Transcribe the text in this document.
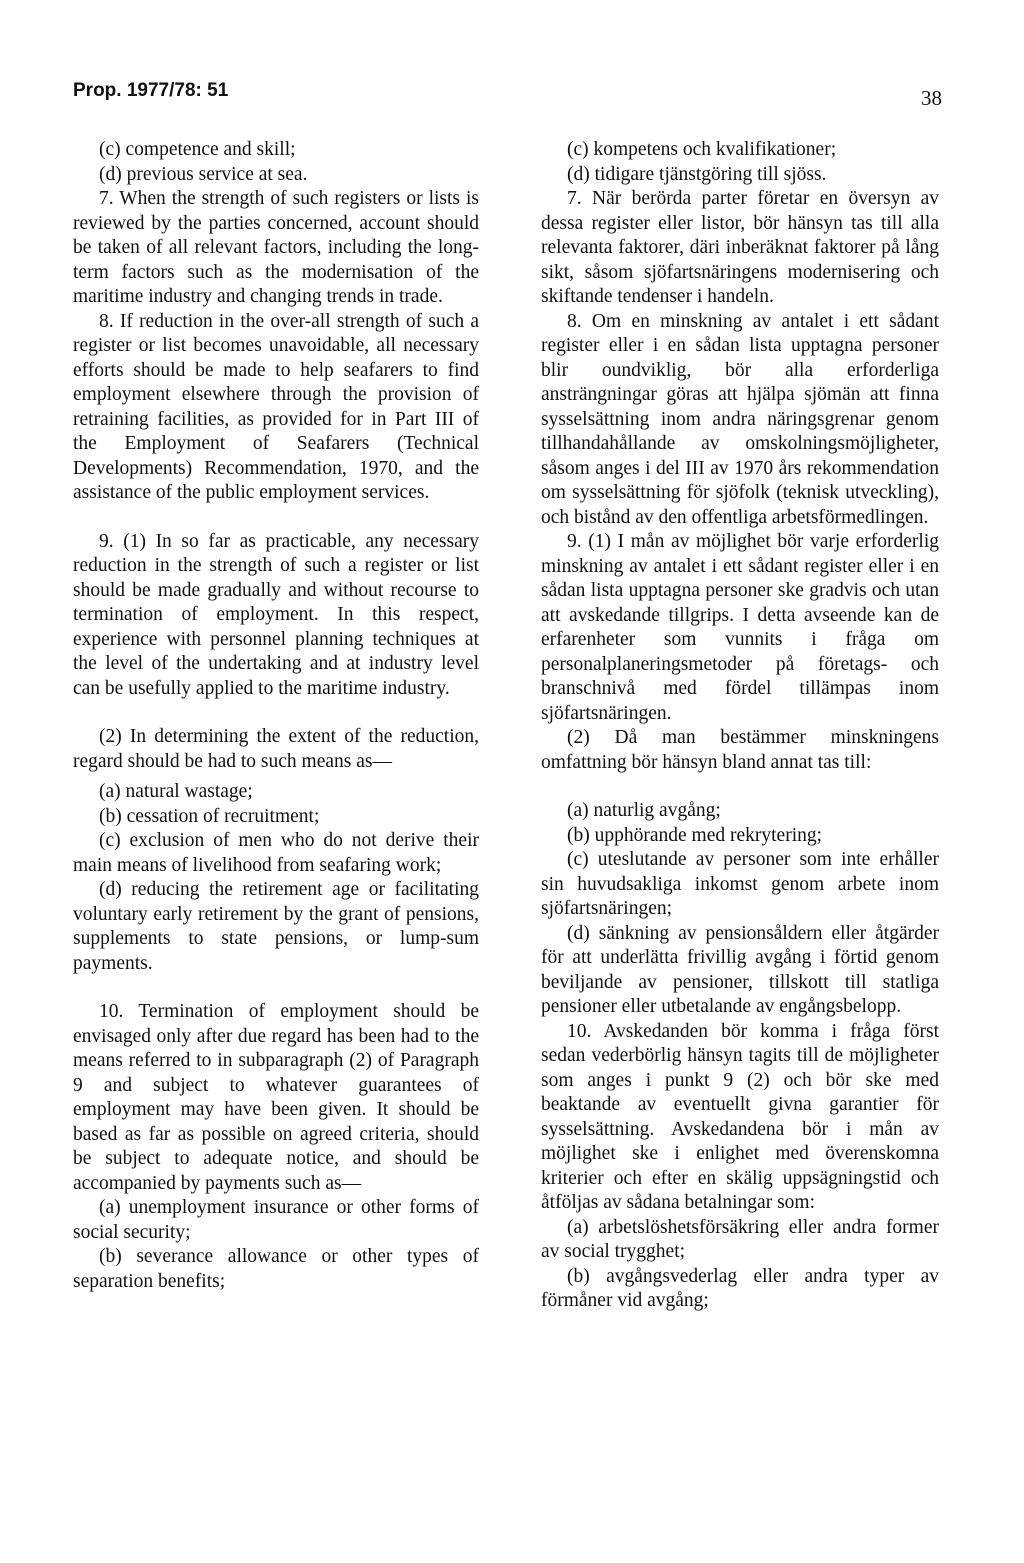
Prop. 1977/78: 51	38

(c) competence and skill;

(d) previous service at sea.

7. When the strength of such registers or lists is reviewed by the parties concerned, account should be taken of all relevant factors, including the long-term factors such as the modernisation of the maritime industry and changing trends in trade.

8. If reduction in the over-all strength of such a register or list becomes unavoidable, all necessary efforts should be made to help seafarers to find employment elsewhere through the provision of retraining facilities, as provided for in Part III of the Employment of Seafarers (Technical Developments) Recommendation, 1970, and the assistance of the public employment services.

9. (1) In so far as practicable, any necessary reduction in the strength of such a register or list should be made gradually and without recourse to termination of employment. In this respect, experience with personnel planning techniques at the level of the undertaking and at industry level can be usefully applied to the maritime industry.

(2) In determining the extent of the reduction, regard should be had to such means as—

(a) natural wastage;

(b) cessation of recruitment;

(c) exclusion of men who do not derive their main means of livelihood from seafaring work;

(d) reducing the retirement age or facilitating voluntary early retirement by the grant of pensions, supplements to state pensions, or lump-sum payments.

10. Termination of employment should be envisaged only after due regard has been had to the means referred to in subparagraph (2) of Paragraph 9 and subject to whatever guarantees of employment may have been given. It should be based as far as possible on agreed criteria, should be subject to adequate notice, and should be accompanied by payments such as—

(a) unemployment insurance or other forms of social security;

(b) severance allowance or other types of separation benefits;

(c) kompetens och kvalifikationer;

(d) tidigare tjänstgöring till sjöss.

7. När berörda parter företar en översyn av dessa register eller listor, bör hänsyn tas till alla relevanta faktorer, däri inberäknat faktorer på lång sikt, såsom sjöfartsnäringens modernisering och skiftande tendenser i handeln.

8. Om en minskning av antalet i ett sådant register eller i en sådan lista upptagna personer blir oundviklig, bör alla erforderliga ansträngningar göras att hjälpa sjömän att finna sysselsättning inom andra näringsgrenar genom tillhandahållande av omskolningsmöjligheter, såsom anges i del III av 1970 års rekommendation om sysselsättning för sjöfolk (teknisk utveckling), och bistånd av den offentliga arbetsförmedlingen.

9. (1) I mån av möjlighet bör varje erforderlig minskning av antalet i ett sådant register eller i en sådan lista upptagna personer ske gradvis och utan att avskedande tillgrips. I detta avseende kan de erfarenheter som vunnits i fråga om personalplaneringsmetoder på företags- och branschnivå med fördel tillämpas inom sjöfartsnäringen.

(2) Då man bestämmer minskningens omfattning bör hänsyn bland annat tas till:

(a) naturlig avgång;

(b) upphörande med rekrytering;

(c) uteslutande av personer som inte erhåller sin huvudsakliga inkomst genom arbete inom sjöfartsnäringen;

(d) sänkning av pensionsåldern eller åtgärder för att underlätta frivillig avgång i förtid genom beviljande av pensioner, tillskott till statliga pensioner eller utbetalande av engångsbelopp.

10. Avskedanden bör komma i fråga först sedan vederbörlig hänsyn tagits till de möjligheter som anges i punkt 9 (2) och bör ske med beaktande av eventuellt givna garantier för sysselsättning. Avskedandena bör i mån av möjlighet ske i enlighet med överenskomna kriterier och efter en skälig uppsägningstid och åtföljas av sådana betalningar som:

(a) arbetslöshetsförsäkring eller andra former av social trygghet;

(b) avgångsvederlag eller andra typer av förmåner vid avgång;
